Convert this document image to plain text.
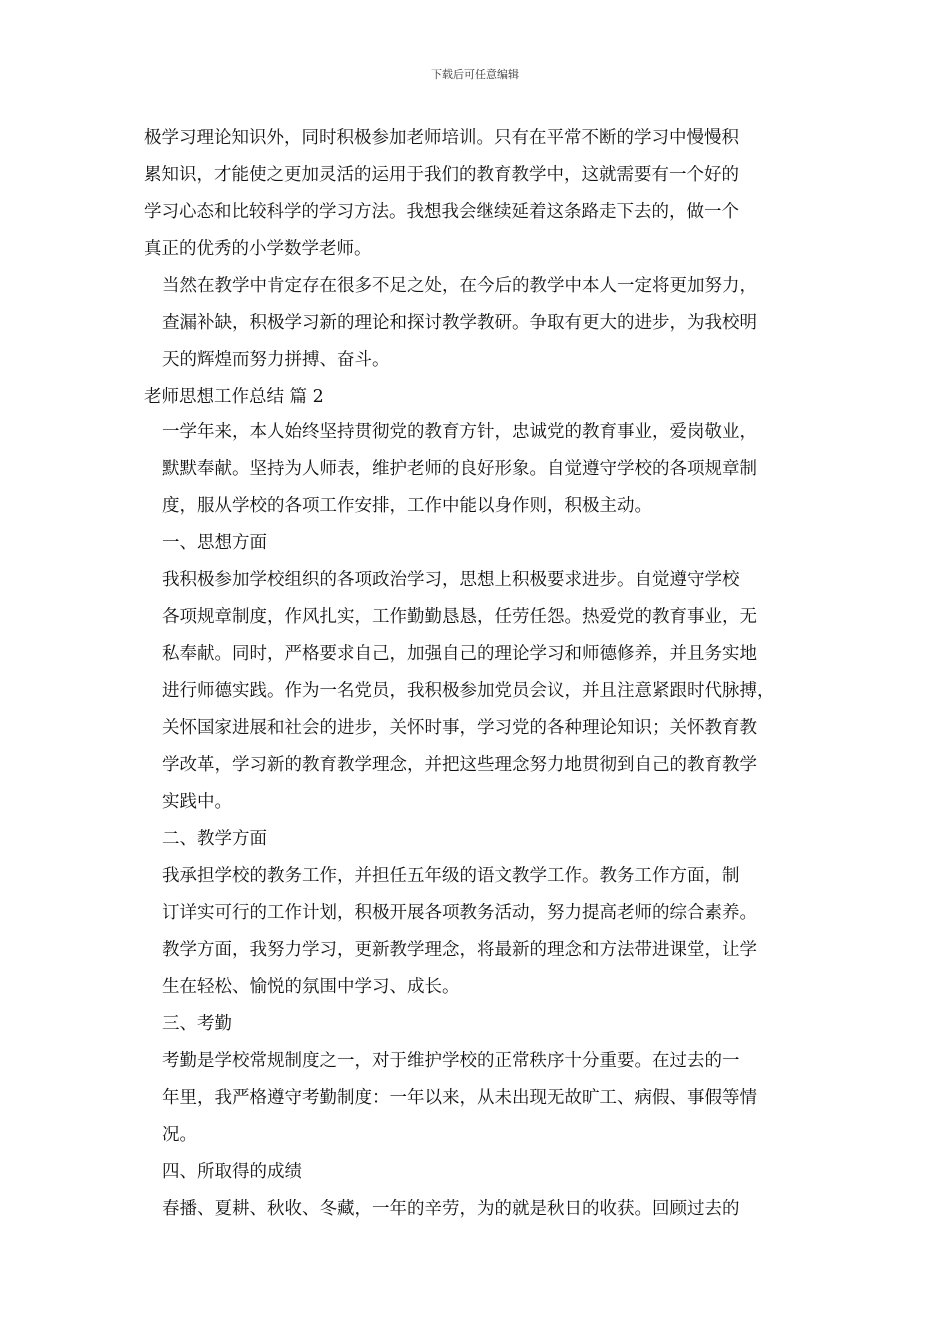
下载后可任意编辑

极学习理论知识外，同时积极参加老师培训。只有在平常不断的学习中慢慢积
累知识，才能使之更加灵活的运用于我们的教育教学中，这就需要有一个好的
学习心态和比较科学的学习方法。我想我会继续延着这条路走下去的，做一个
真正的优秀的小学数学老师。

当然在教学中肯定存在很多不足之处，在今后的教学中本人一定将更加努力，
查漏补缺，积极学习新的理论和探讨教学教研。争取有更大的进步，为我校明
天的辉煌而努力拼搏、奋斗。

老师思想工作总结 篇 2

一学年来，本人始终坚持贯彻党的教育方针，忠诚党的教育事业，爱岗敬业，
默默奉献。坚持为人师表，维护老师的良好形象。自觉遵守学校的各项规章制
度，服从学校的各项工作安排，工作中能以身作则，积极主动。

一、思想方面

我积极参加学校组织的各项政治学习，思想上积极要求进步。自觉遵守学校
各项规章制度，作风扎实，工作勤勤恳恳，任劳任怨。热爱党的教育事业，无
私奉献。同时，严格要求自己，加强自己的理论学习和师德修养，并且务实地
进行师德实践。作为一名党员，我积极参加党员会议，并且注意紧跟时代脉搏，
关怀国家进展和社会的进步，关怀时事，学习党的各种理论知识；关怀教育教
学改革，学习新的教育教学理念，并把这些理念努力地贯彻到自己的教育教学
实践中。

二、教学方面

我承担学校的教务工作，并担任五年级的语文教学工作。教务工作方面，制
订详实可行的工作计划，积极开展各项教务活动，努力提高老师的综合素养。
教学方面，我努力学习，更新教学理念，将最新的理念和方法带进课堂，让学
生在轻松、愉悦的氛围中学习、成长。

三、考勤

考勤是学校常规制度之一，对于维护学校的正常秩序十分重要。在过去的一
年里，我严格遵守考勤制度：一年以来，从未出现无故旷工、病假、事假等情
况。

四、所取得的成绩

春播、夏耕、秋收、冬藏，一年的辛劳，为的就是秋日的收获。回顾过去的
